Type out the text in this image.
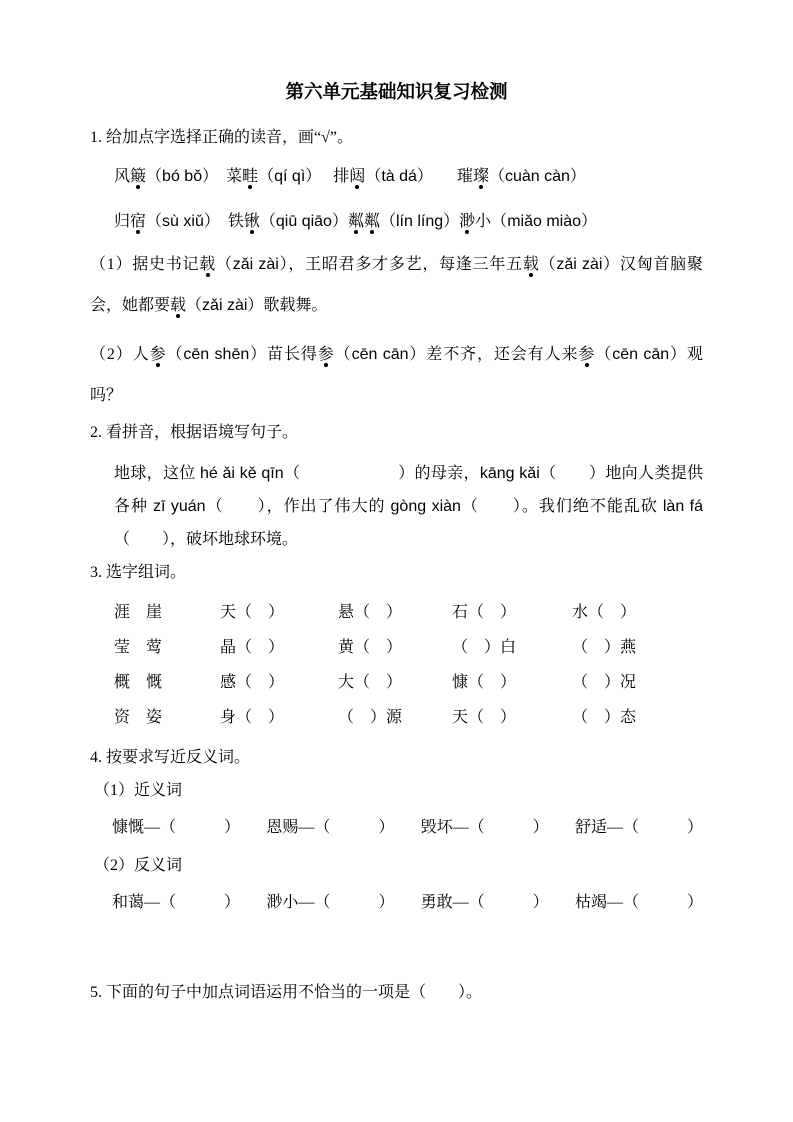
第六单元基础知识复习检测

1. 给加点字选择正确的读音，画“√”。

风簸（bó bǒ）　菜畦（qí qì）　 排闼（tà dá）　　璀璨（cuàn càn）

归宿（sù xiǔ）　铁锹（qiū qiāo）粼粼（lín líng）渺小（miǎo miào）

（1）据史书记载（zǎi zài），王昭君多才多艺，每逢三年五载（zǎi zài）汉匈首脑聚会，她都要载（zǎi zài）歌载舞。

（2）人参（cēn shēn）苗长得参（cēn cān）差不齐，还会有人来参（cēn cān）观吗？

2. 看拼音，根据语境写句子。

地球，这位 hé ǎi kě qīn（　　　　　　）的母亲，kāng kǎi（　　）地向人类提供各种 zī yuán（　　），作出了伟大的 gòng xiàn（　　）。我们绝不能乱砍 làn fá（　　），破坏地球环境。

3. 选字组词。

涯　崖	天（　）	悬（　）	石（　）	水（　）
莹　莺	晶（　）	黄（　）	（　）白	（　）燕
概　慨	感（　）	大（　）	慷（　）	（　）况
资　姿	身（　）	（　）源	天（　）	（　）态

4. 按要求写近反义词。

（1）近义词

慷慨—（　　　） 恩赐—（　　　） 毁坏—（　　　） 舒适—（　　　）

（2）反义词

和蔼—（　　　） 渺小—（　　　） 勇敢—（　　　） 枯竭—（　　　）

5. 下面的句子中加点词语运用不恰当的一项是（　　）。
